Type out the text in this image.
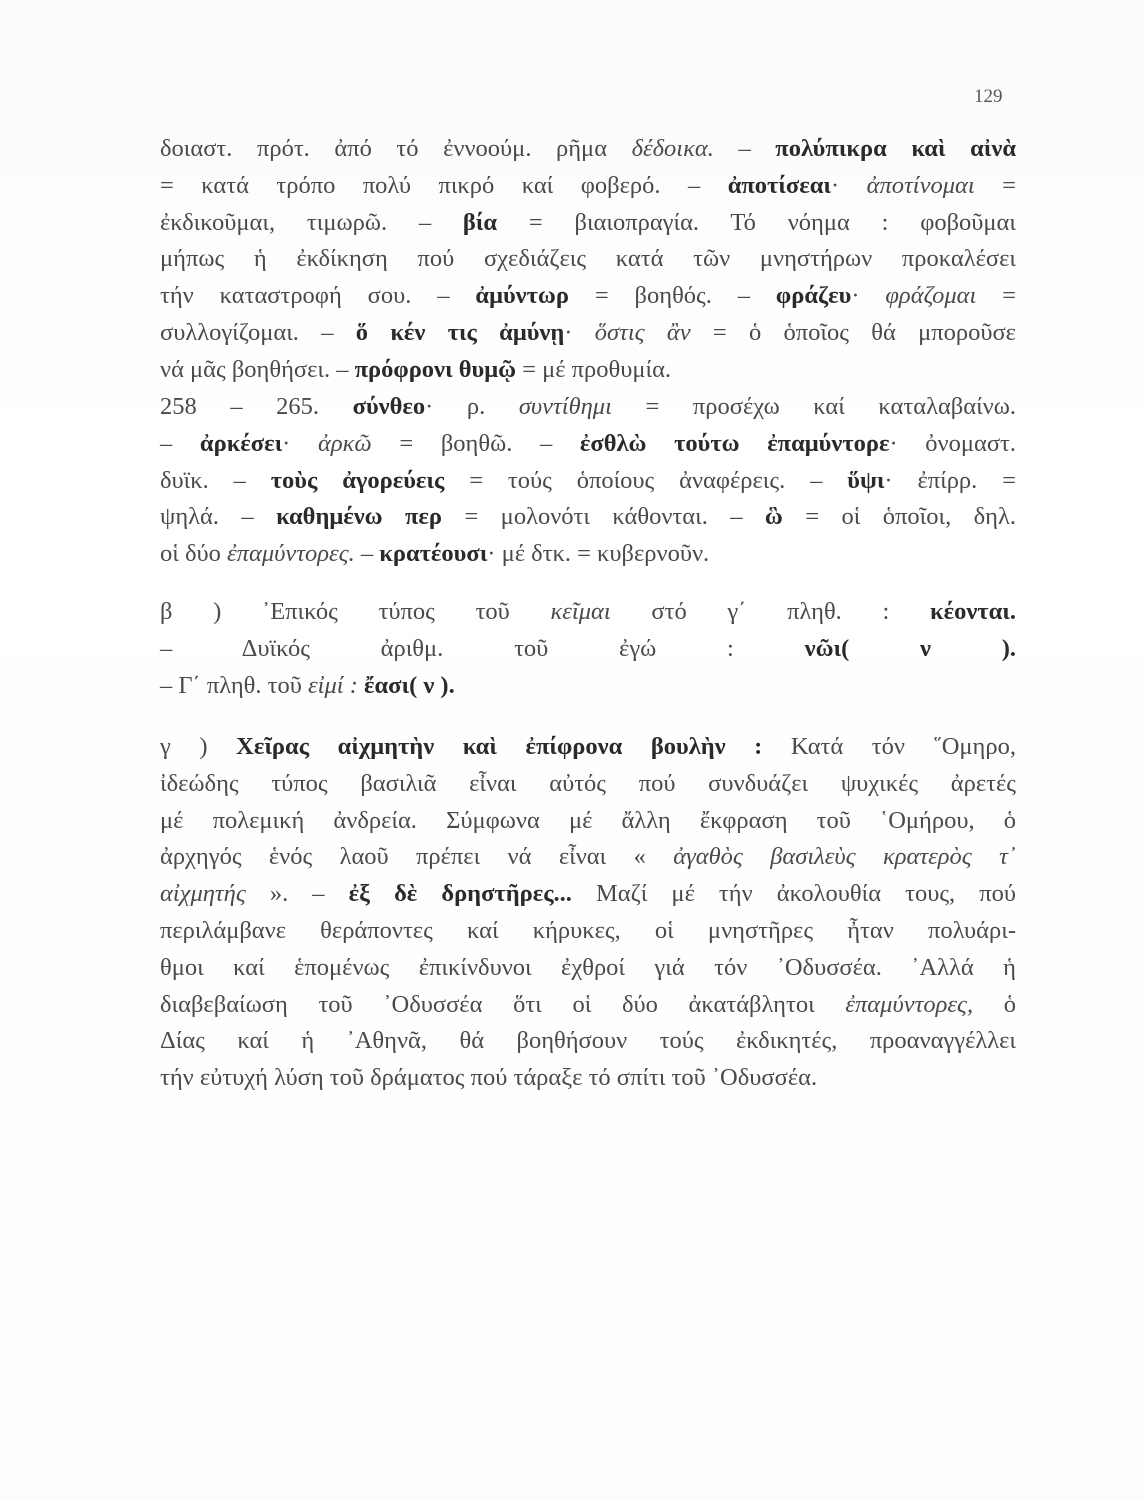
129
δοιαστ. πρότ. ἀπό τό ἐννοούμ. ρῆμα δέδοικα. – πολύπικρα καὶ αἰνὰ
= κατά τρόπο πολύ πικρό καί φοβερό. – ἀποτίσεαι· ἀποτίνομαι =
ἐκδικοῦμαι, τιμωρῶ. – βία = βιαιοπραγία. Τό νόημα : φοβοῦμαι
μήπως ἡ ἐκδίκηση πού σχεδιάζεις κατά τῶν μνηστήρων προκαλέσει
τήν καταστροφή σου. – ἀμύντωρ = βοηθός. – φράζευ· φράζομαι =
συλλογίζομαι. – ὅ κέν τις ἀμύνῃ· ὅστις ἂν = ὁ ὁποῖος θά μποροῦσε
νά μᾶς βοηθήσει. – πρόφρονι θυμῷ = μέ προθυμία.
258 – 265. σύνθεο· ρ. συντίθημι = προσέχω καί καταλαβαίνω.
– ἀρκέσει· ἀρκῶ = βοηθῶ. – ἐσθλὼ τούτω ἐπαμύντορε· ὀνομαστ.
δυϊκ. – τοὺς ἀγορεύεις = τούς ὁποίους ἀναφέρεις. – ὕψι· ἐπίρρ. =
ψηλά. – καθημένω περ = μολονότι κάθονται. – ὣ = οἱ ὁποῖοι, δηλ.
οἱ δύο ἐπαμύντορες. – κρατέουσι· μέ δτκ. = κυβερνοῦν.
β ) ᾿Επικός τύπος τοῦ κεῖμαι στό γ΄ πληθ. : κέονται.
– Δυϊκός ἀριθμ. τοῦ ἐγώ : νῶι( ν ).
– Γ΄ πληθ. τοῦ εἰμί : ἔασι( ν ).
γ ) Χεῖρας αἰχμητὴν καὶ ἐπίφρονα βουλὴν : Κατά τόν ῞Ομηρο,
ἰδεώδης τύπος βασιλιᾶ εἶναι αὐτός πού συνδυάζει ψυχικές ἀρετές
μέ πολεμική ἀνδρεία. Σύμφωνα μέ ἄλλη ἔκφραση τοῦ ῾Ομήρου, ὁ
ἀρχηγός ἑνός λαοῦ πρέπει νά εἶναι « ἀγαθὸς βασιλεὺς κρατερὸς τ᾿
αἰχμητής ». – ἐξ δὲ δρηστῆρες... Μαζί μέ τήν ἀκολουθία τους, πού
περιλάμβανε θεράποντες καί κήρυκες, οἱ μνηστῆρες ἦταν πολυάρι-
θμοι καί ἑπομένως ἐπικίνδυνοι ἐχθροί γιά τόν ᾿Οδυσσέα. ᾿Αλλά ἡ
διαβεβαίωση τοῦ ᾿Οδυσσέα ὅτι οἱ δύο ἀκατάβλητοι ἐπαμύντορες, ὁ
Δίας καί ἡ ᾿Αθηνᾶ, θά βοηθήσουν τούς ἐκδικητές, προαναγγέλλει
τήν εὐτυχή λύση τοῦ δράματος πού τάραξε τό σπίτι τοῦ ᾿Οδυσσέα.
